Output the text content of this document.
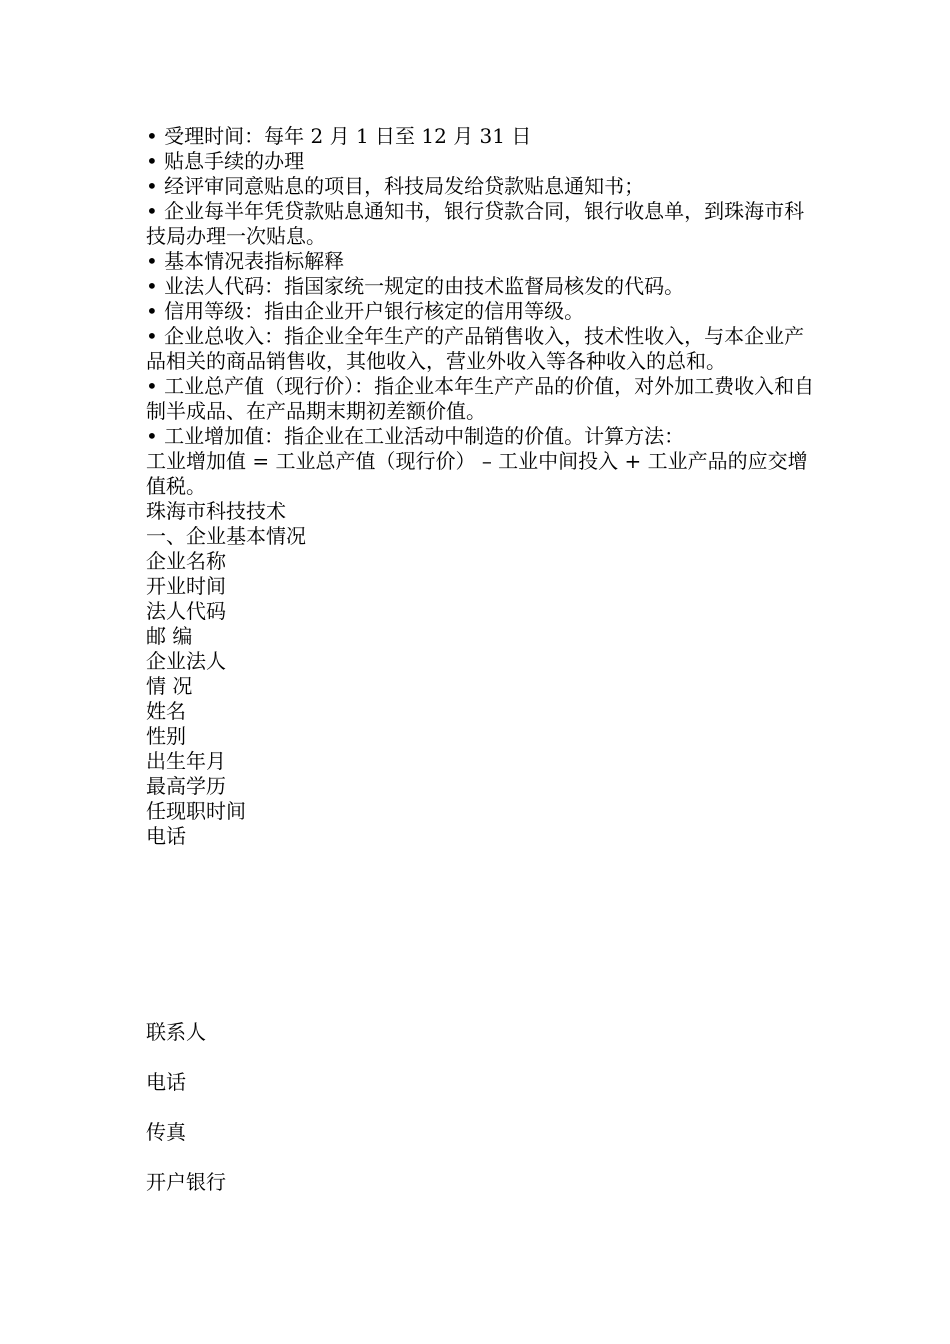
• 受理时间：每年 2 月 1 日至 12 月 31 日

• 贴息手续的办理

• 经评审同意贴息的项目，科技局发给贷款贴息通知书；

• 企业每半年凭贷款贴息通知书，银行贷款合同，银行收息单，到珠海市科技局办理一次贴息。

• 基本情况表指标解释

• 业法人代码：指国家统一规定的由技术监督局核发的代码。

• 信用等级：指由企业开户银行核定的信用等级。

• 企业总收入：指企业全年生产的产品销售收入，技术性收入，与本企业产品相关的商品销售收，其他收入，营业外收入等各种收入的总和。

• 工业总产值（现行价）：指企业本年生产产品的价值，对外加工费收入和自制半成品、在产品期末期初差额价值。

• 工业增加值：指企业在工业活动中制造的价值。计算方法：

工业增加值 = 工业总产值（现行价） – 工业中间投入 + 工业产品的应交增值税。

珠海市科技技术

一、企业基本情况

企业名称

开业时间

法人代码

邮 编

企业法人

情 况

姓名

性别

出生年月

最高学历

任现职时间

电话

联系人

电话

传真

开户银行
